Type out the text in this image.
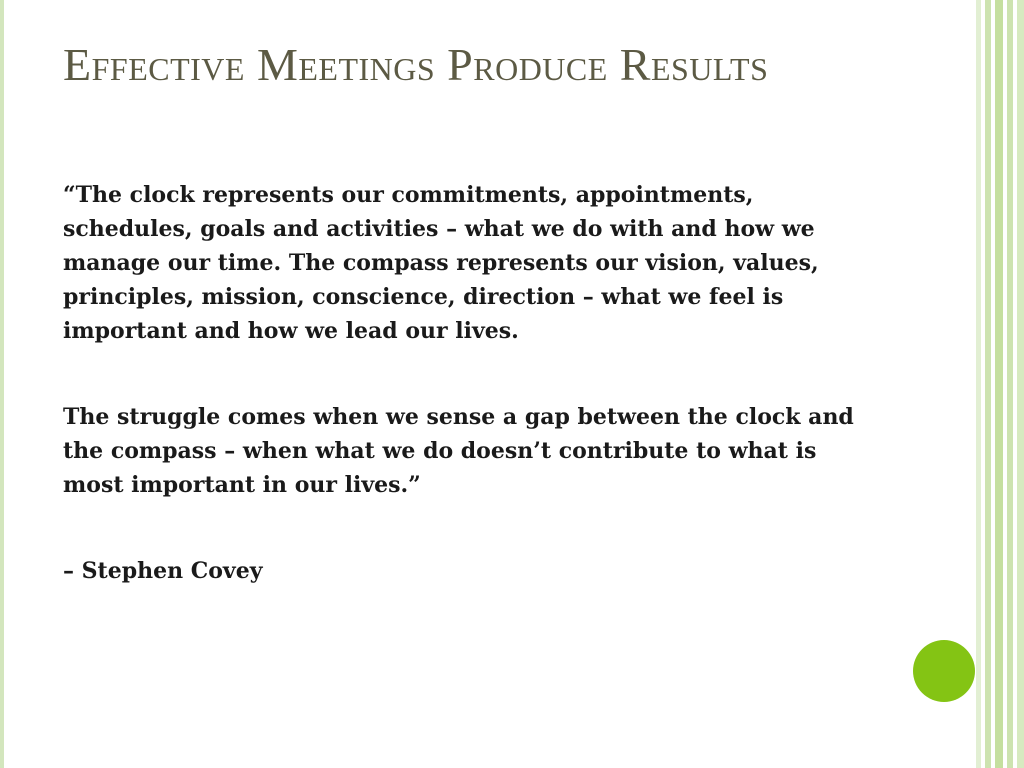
Effective Meetings Produce Results

“The clock represents our commitments, appointments, schedules, goals and activities – what we do with and how we manage our time. The compass represents our vision, values, principles, mission, conscience, direction – what we feel is important and how we lead our lives.

The struggle comes when we sense a gap between the clock and the compass – when what we do doesn’t contribute to what is most important in our lives.”

– Stephen Covey
